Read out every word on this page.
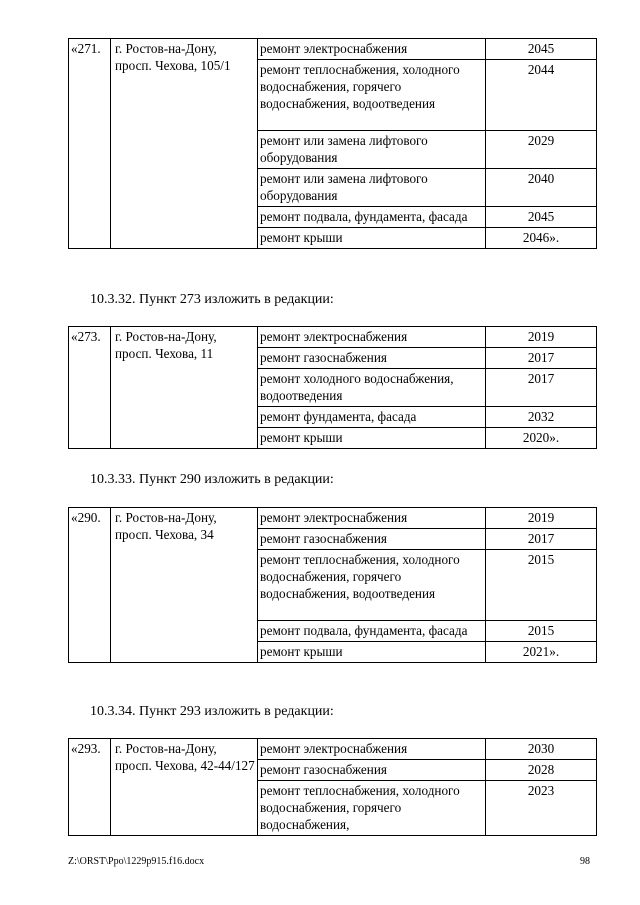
«271.	г. Ростов-на-Дону, просп. Чехова, 105/1	ремонт электроснабжения	2045
		ремонт теплоснабжения, холодного водоснабжения, горячего водоснабжения, водоотведения	2044
		ремонт или замена лифтового оборудования	2029
		ремонт или замена лифтового оборудования	2040
		ремонт подвала, фундамента, фасада	2045
		ремонт крыши	2046».
10.3.32. Пункт 273 изложить в редакции:
«273.	г. Ростов-на-Дону, просп. Чехова, 11	ремонт электроснабжения	2019
		ремонт газоснабжения	2017
		ремонт холодного водоснабжения, водоотведения	2017
		ремонт фундамента, фасада	2032
		ремонт крыши	2020».
10.3.33. Пункт 290 изложить в редакции:
«290.	г. Ростов-на-Дону, просп. Чехова, 34	ремонт электроснабжения	2019
		ремонт газоснабжения	2017
		ремонт теплоснабжения, холодного водоснабжения, горячего водоснабжения, водоотведения	2015
		ремонт подвала, фундамента, фасада	2015
		ремонт крыши	2021».
10.3.34. Пункт 293 изложить в редакции:
«293.	г. Ростов-на-Дону, просп. Чехова, 42-44/127	ремонт электроснабжения	2030
		ремонт газоснабжения	2028
		ремонт теплоснабжения, холодного водоснабжения, горячего водоснабжения,	2023
Z:\ORST\Ppo\1229p915.f16.docx	98
